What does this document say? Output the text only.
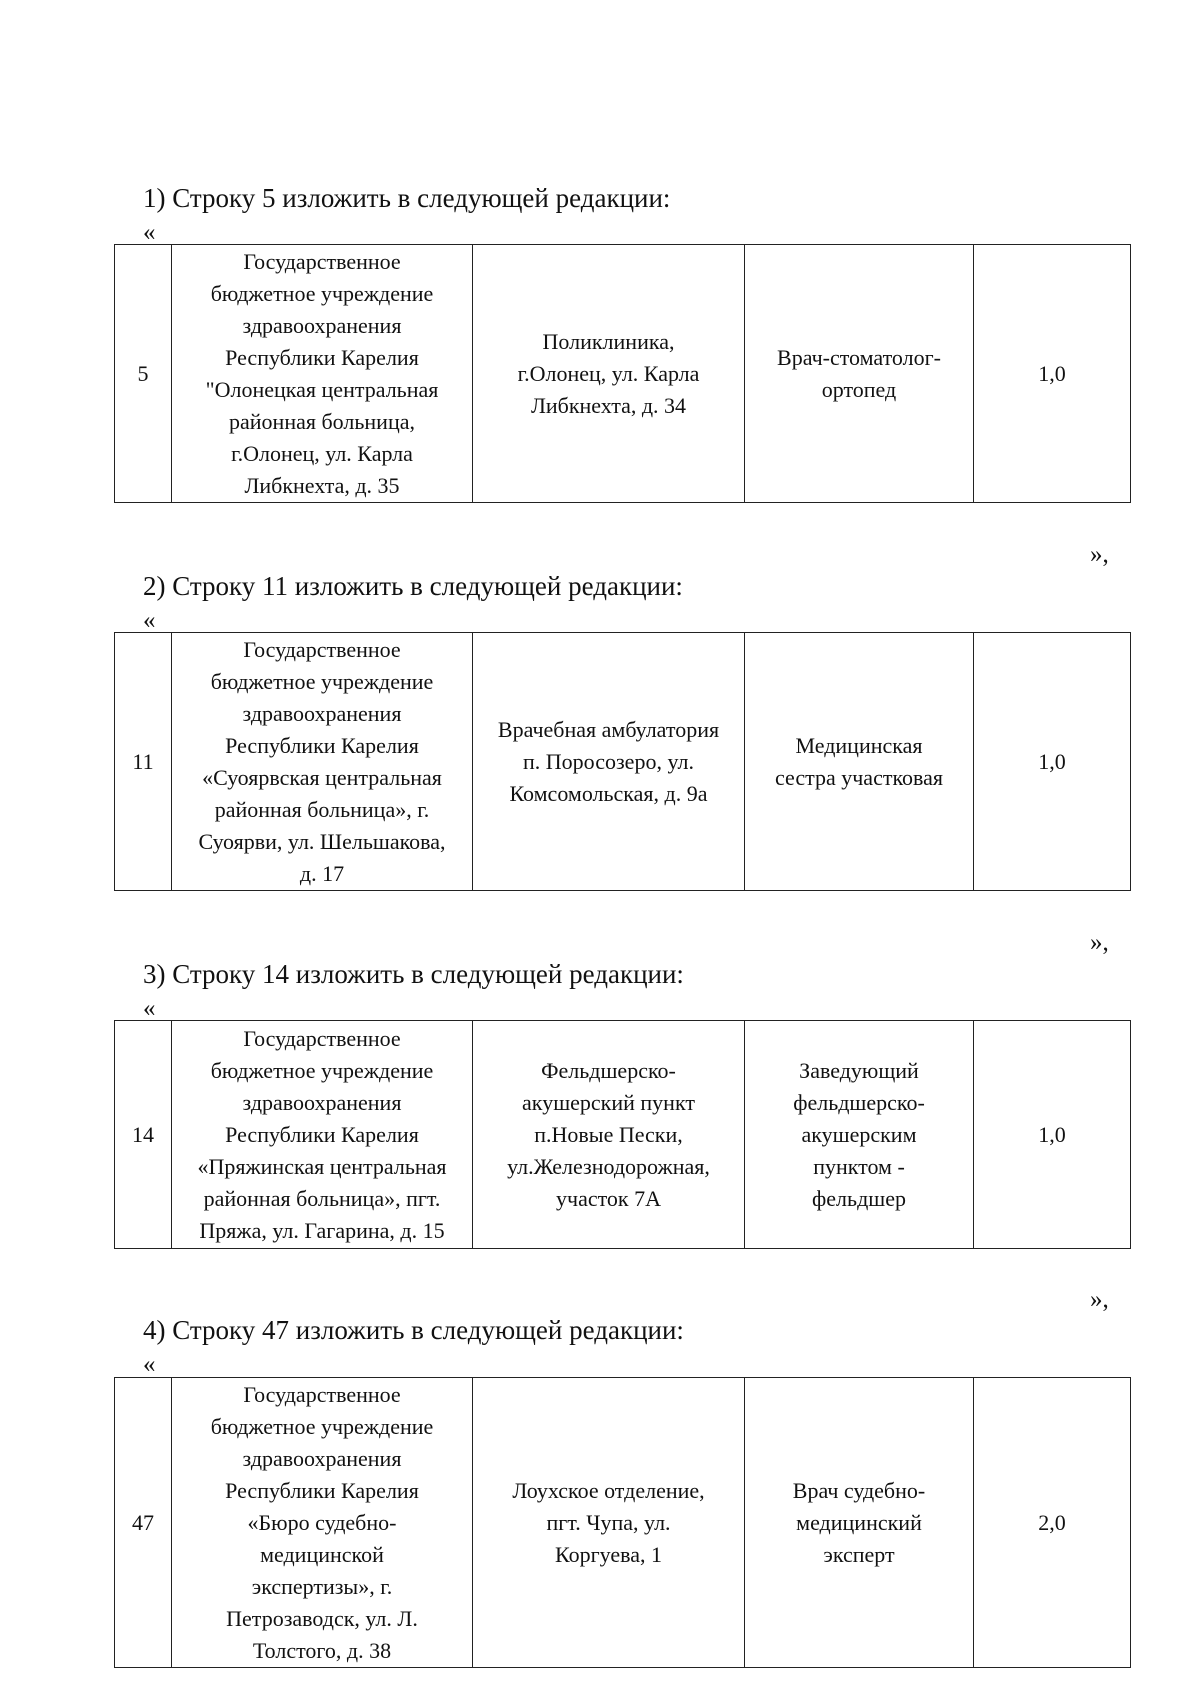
1) Строку 5 изложить в следующей редакции:
«
5	Государственное
бюджетное учреждение
здравоохранения
Республики Карелия
"Олонецкая центральная
районная больница,
г.Олонец, ул. Карла
Либкнехта, д. 35	Поликлиника,
г.Олонец, ул. Карла
Либкнехта, д. 34	Врач-стоматолог-
ортопед	1,0
»,
2) Строку 11 изложить в следующей редакции:
«
11	Государственное
бюджетное учреждение
здравоохранения
Республики Карелия
«Суоярвская центральная
районная больница», г.
Суоярви, ул. Шельшакова,
д. 17	Врачебная амбулатория
п. Поросозеро, ул.
Комсомольская, д. 9а	Медицинская
сестра участковая	1,0
»,
3) Строку 14 изложить в следующей редакции:
«
14	Государственное
бюджетное учреждение
здравоохранения
Республики Карелия
«Пряжинская центральная
районная больница», пгт.
Пряжа, ул. Гагарина, д. 15	Фельдшерско-
акушерский пункт
п.Новые Пески,
ул.Железнодорожная,
участок 7А	Заведующий
фельдшерско-
акушерским
пунктом -
фельдшер	1,0
»,
4) Строку 47 изложить в следующей редакции:
«
47	Государственное
бюджетное учреждение
здравоохранения
Республики Карелия
«Бюро судебно-
медицинской
экспертизы», г.
Петрозаводск, ул. Л.
Толстого, д. 38	Лоухское отделение,
пгт. Чупа, ул.
Коргуева, 1	Врач судебно-
медицинский
эксперт	2,0
